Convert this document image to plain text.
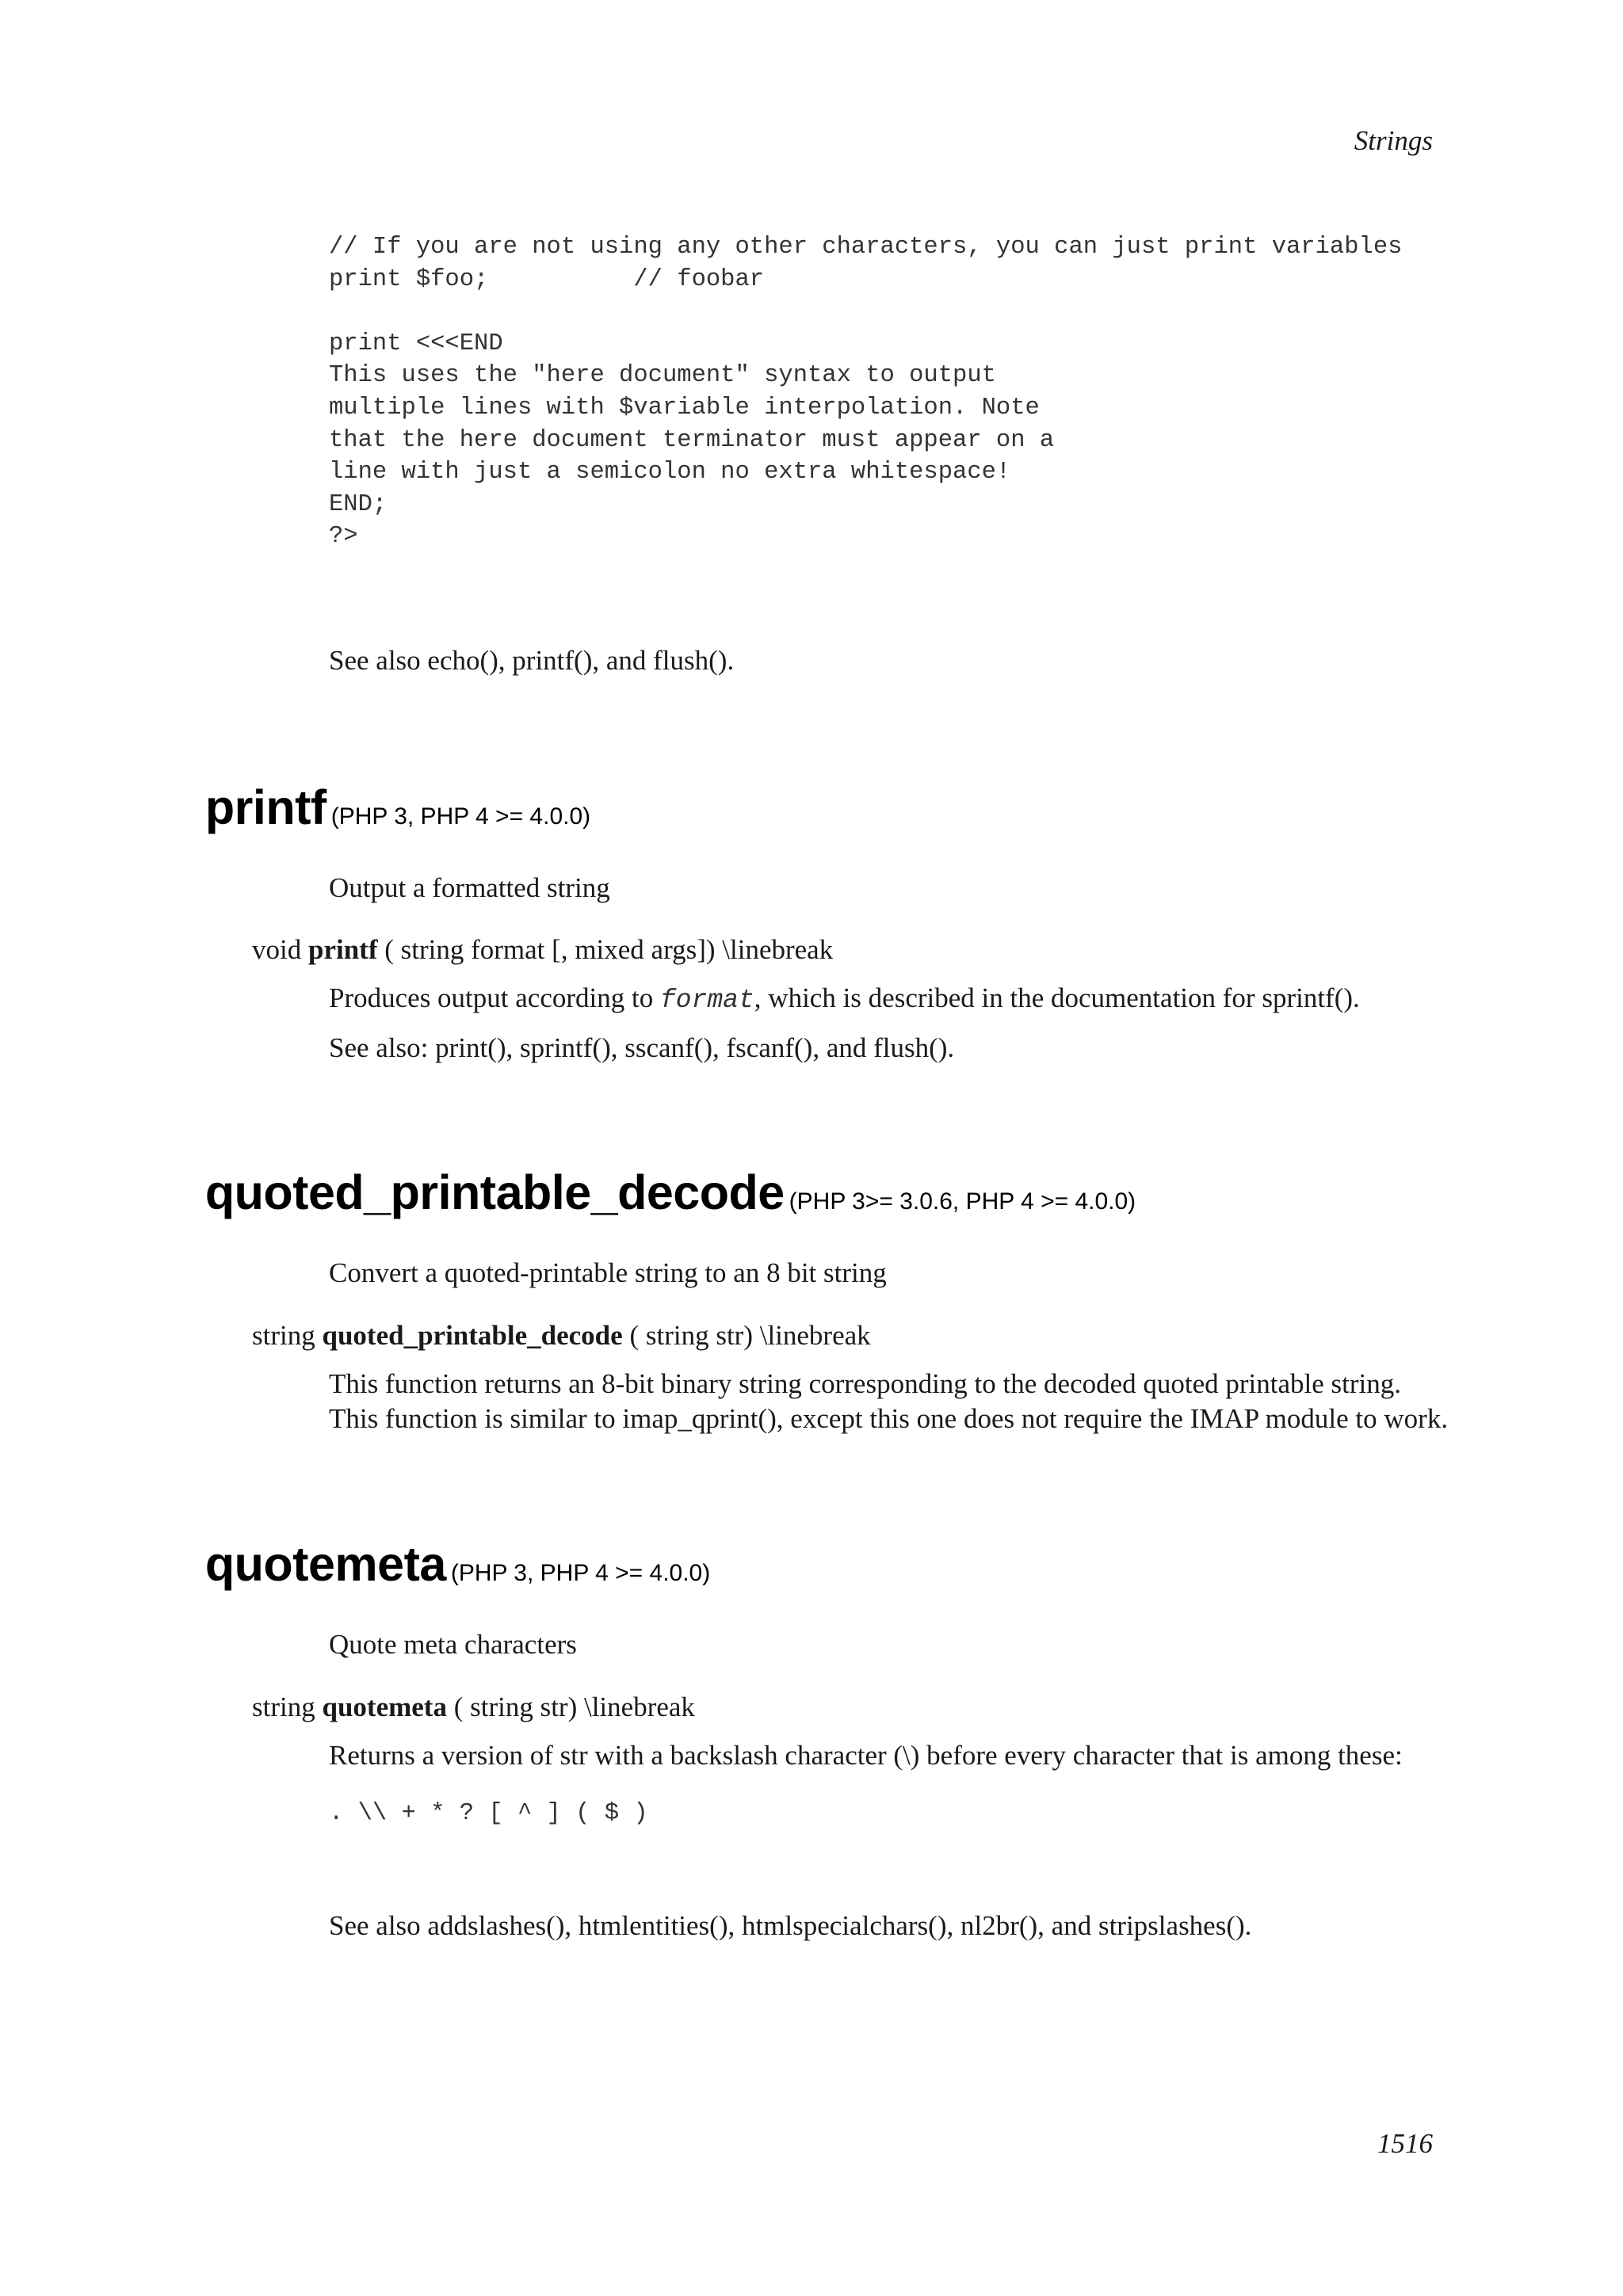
Strings
// If you are not using any other characters, you can just print variables
print $foo;          // foobar

print <<<END
This uses the "here document" syntax to output
multiple lines with $variable interpolation. Note
that the here document terminator must appear on a
line with just a semicolon no extra whitespace!
END;
?>
See also echo(), printf(), and flush().

printf (PHP 3, PHP 4 >= 4.0.0)

Output a formatted string
void printf ( string format [, mixed args]) \linebreak
Produces output according to format, which is described in the documentation for sprintf().
See also: print(), sprintf(), sscanf(), fscanf(), and flush().

quoted_printable_decode (PHP 3>= 3.0.6, PHP 4 >= 4.0.0)

Convert a quoted-printable string to an 8 bit string
string quoted_printable_decode ( string str) \linebreak
This function returns an 8-bit binary string corresponding to the decoded quoted printable string.
This function is similar to imap_qprint(), except this one does not require the IMAP module to work.

quotemeta (PHP 3, PHP 4 >= 4.0.0)

Quote meta characters
string quotemeta ( string str) \linebreak
Returns a version of str with a backslash character (\) before every character that is among these:
. \\ + * ? [ ^ ] ( $ )
See also addslashes(), htmlentities(), htmlspecialchars(), nl2br(), and stripslashes().
1516
